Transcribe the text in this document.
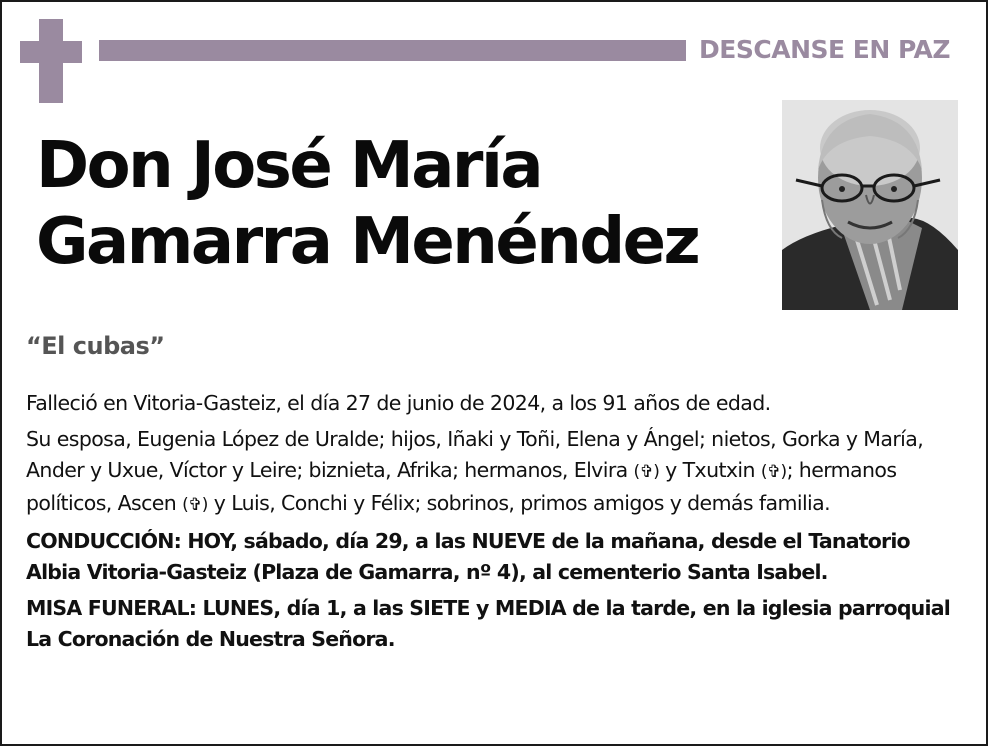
DESCANSE EN PAZ
Don José María
Gamarra Menéndez
“El cubas”

Falleció en Vitoria-Gasteiz, el día 27 de junio de 2024, a los 91 años de edad.

Su esposa, Eugenia López de Uralde; hijos, Iñaki y Toñi, Elena y Ángel; nietos, Gorka y María, Ander y Uxue, Víctor y Leire; biznieta, Afrika; hermanos, Elvira (✞) y Txutxin (✞); hermanos políticos, Ascen (✞) y Luis, Conchi y Félix; sobrinos, primos amigos y demás familia.

CONDUCCIÓN: HOY, sábado, día 29, a las NUEVE de la mañana, desde el Tanatorio Albia Vitoria-Gasteiz (Plaza de Gamarra, nº 4), al cementerio Santa Isabel.

MISA FUNERAL: LUNES, día 1, a las SIETE y MEDIA de la tarde, en la iglesia parroquial La Coronación de Nuestra Señora.
